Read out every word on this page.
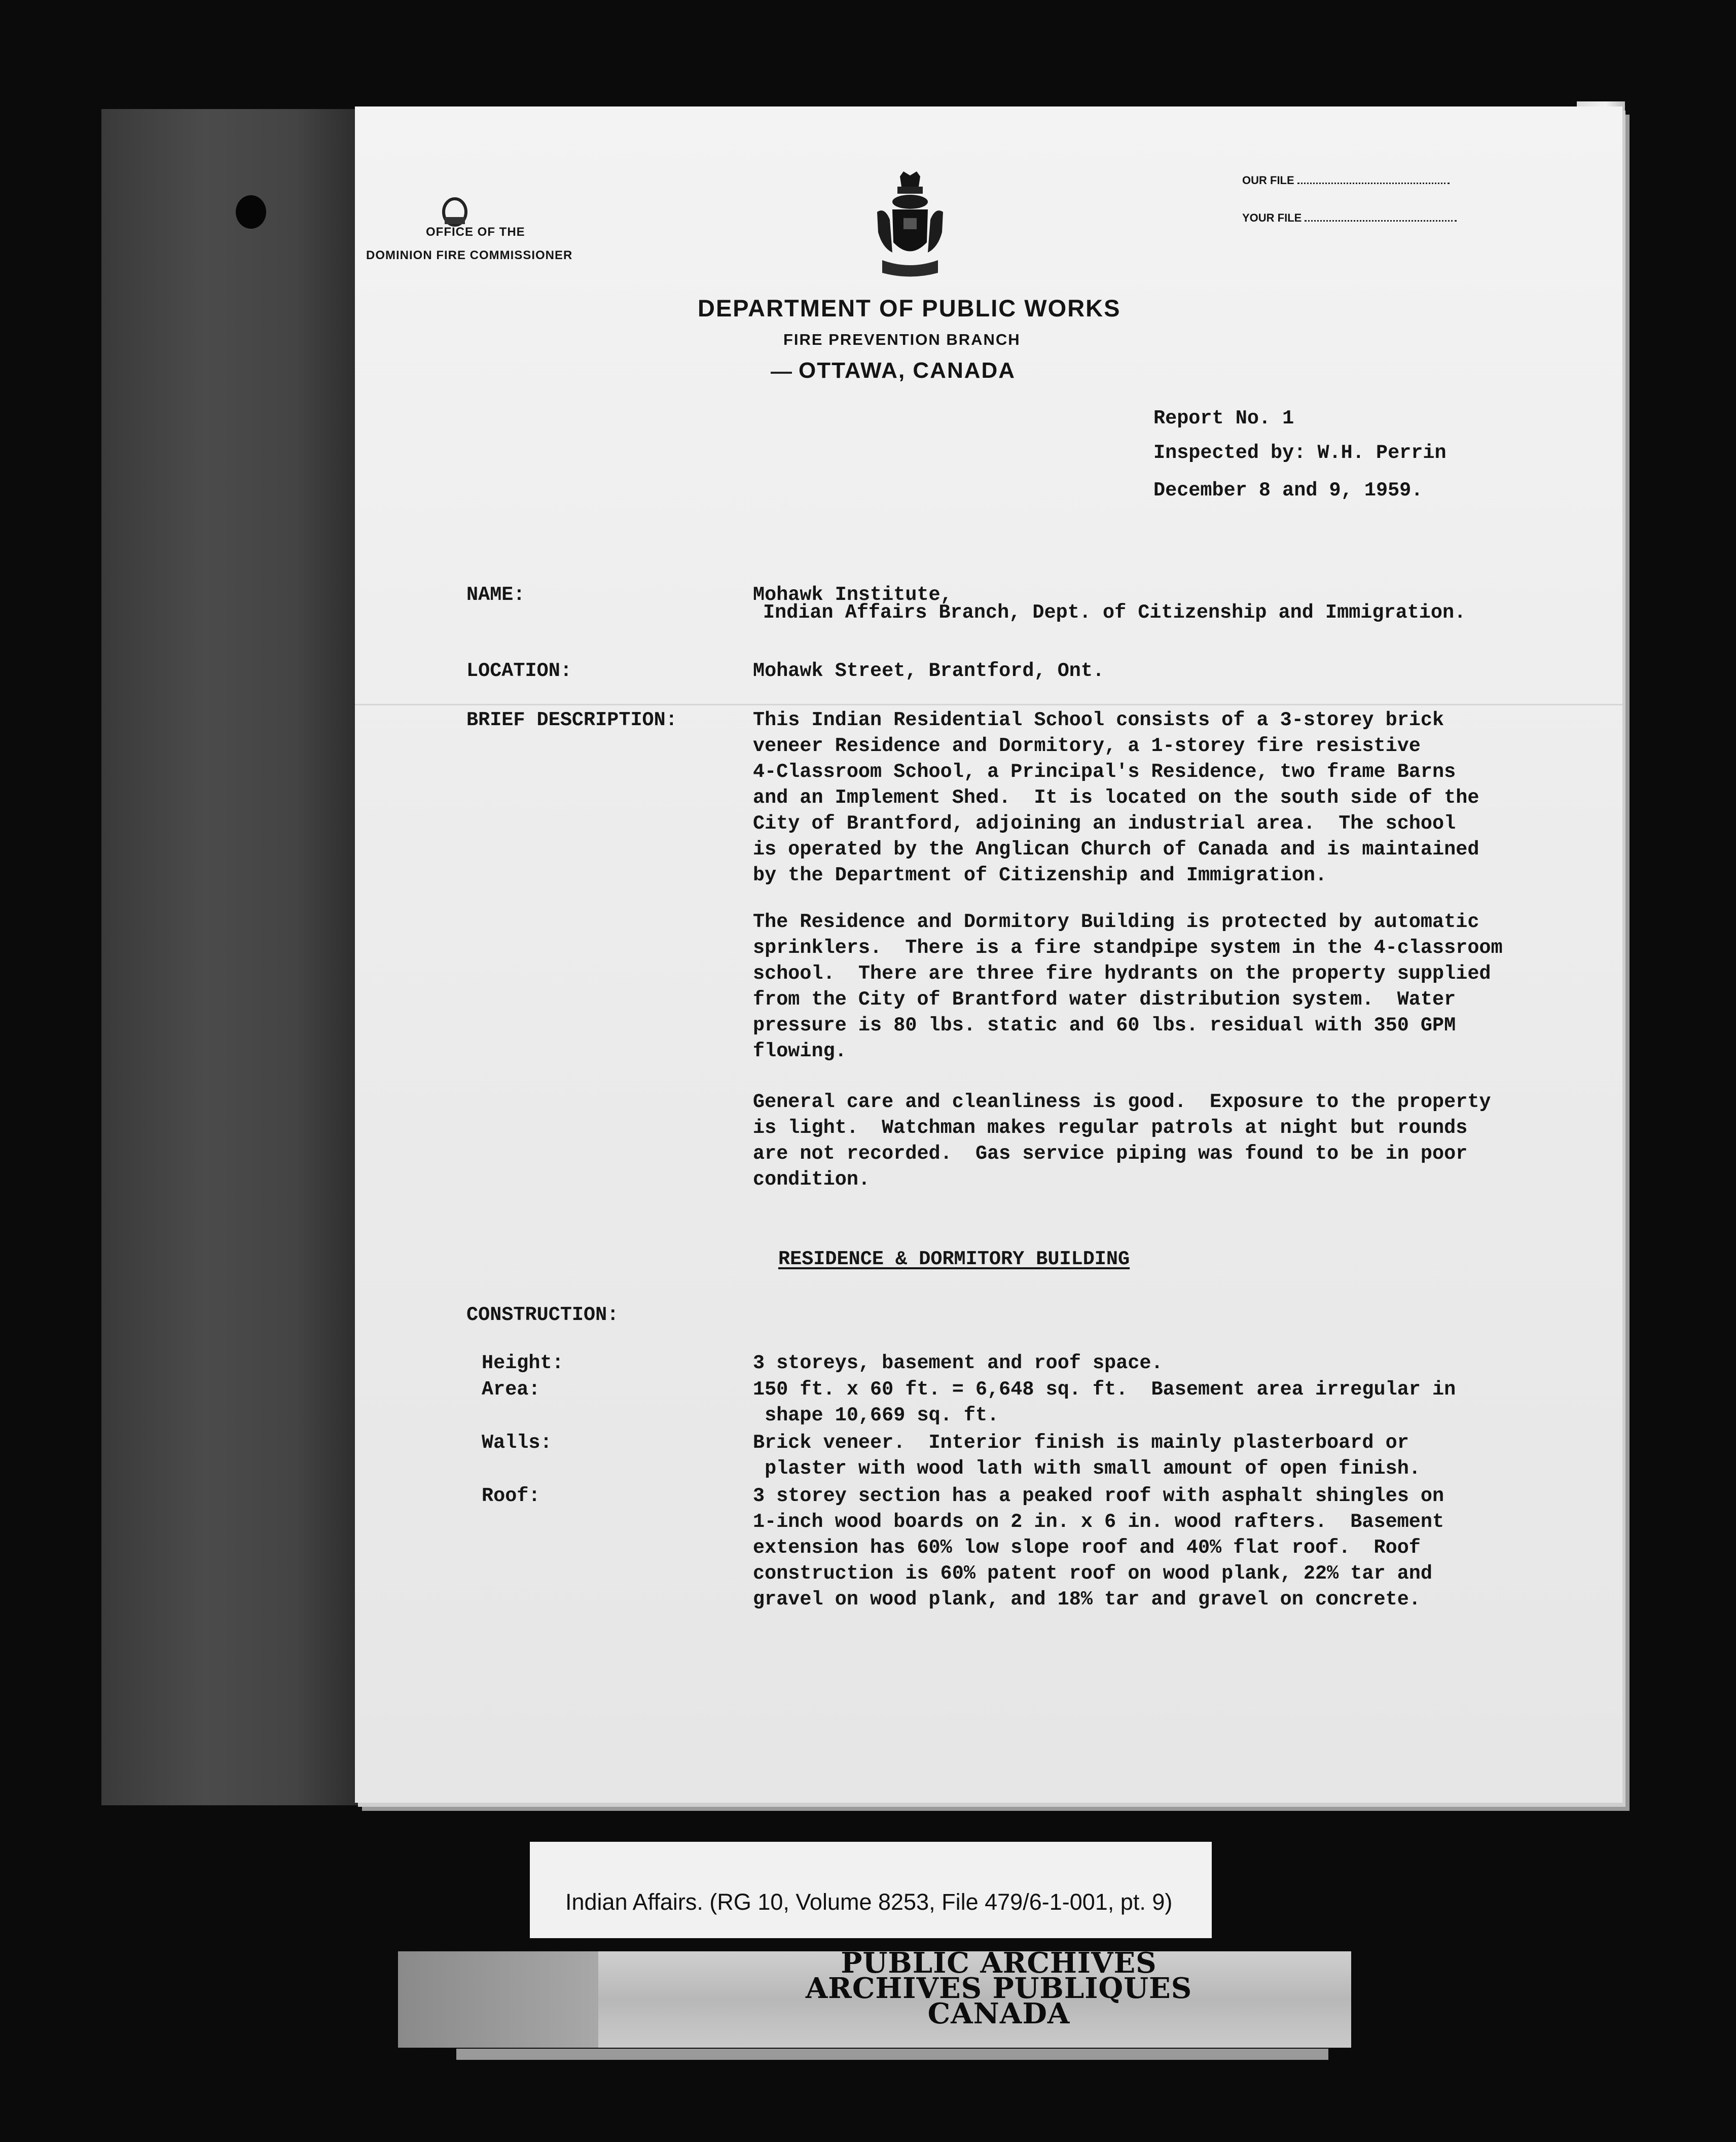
OFFICE OF THE

DOMINION FIRE COMMISSIONER

OUR FILE

YOUR FILE

DEPARTMENT OF PUBLIC WORKS

FIRE PREVENTION BRANCH

OTTAWA, CANADA

Report No. 1

Inspected by: W.H. Perrin

December 8 and 9, 1959.

NAME:	Mohawk Institute,

Indian Affairs Branch, Dept. of Citizenship and Immigration.

LOCATION:	Mohawk Street, Brantford, Ont.

BRIEF DESCRIPTION:	This Indian Residential School consists of a 3-storey brick
veneer Residence and Dormitory, a 1-storey fire resistive
4-Classroom School, a Principal's Residence, two frame Barns
and an Implement Shed.  It is located on the south side of the
City of Brantford, adjoining an industrial area.  The school
is operated by the Anglican Church of Canada and is maintained
by the Department of Citizenship and Immigration.

The Residence and Dormitory Building is protected by automatic
sprinklers.  There is a fire standpipe system in the 4-classroom
school.  There are three fire hydrants on the property supplied
from the City of Brantford water distribution system.  Water
pressure is 80 lbs. static and 60 lbs. residual with 350 GPM
flowing.

General care and cleanliness is good.  Exposure to the property
is light.  Watchman makes regular patrols at night but rounds
are not recorded.  Gas service piping was found to be in poor
condition.

RESIDENCE & DORMITORY BUILDING

CONSTRUCTION:

Height:	3 storeys, basement and roof space.

Area:	150 ft. x 60 ft. = 6,648 sq. ft.  Basement area irregular in
shape 10,669 sq. ft.

Walls:	Brick veneer.  Interior finish is mainly plasterboard or
plaster with wood lath with small amount of open finish.

Roof:	3 storey section has a peaked roof with asphalt shingles on
1-inch wood boards on 2 in. x 6 in. wood rafters.  Basement
extension has 60% low slope roof and 40% flat roof.  Roof
construction is 60% patent roof on wood plank, 22% tar and
gravel on wood plank, and 18% tar and gravel on concrete.

Indian Affairs. (RG 10, Volume 8253, File 479/6-1-001, pt. 9)

PUBLIC ARCHIVES
ARCHIVES PUBLIQUES
CANADA
